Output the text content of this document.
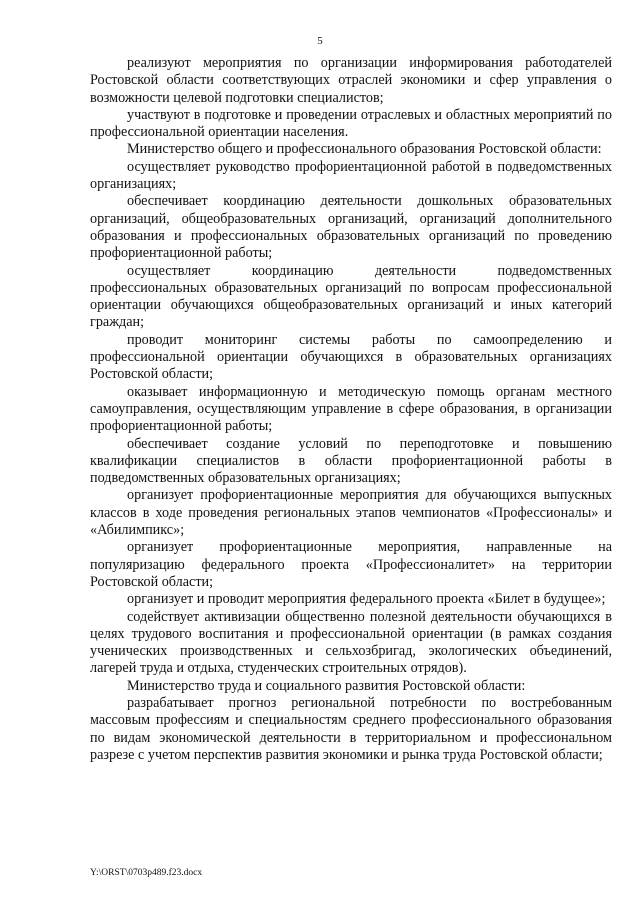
5

реализуют мероприятия по организации информирования работодателей Ростовской области соответствующих отраслей экономики и сфер управления о возможности целевой подготовки специалистов;

участвуют в подготовке и проведении отраслевых и областных мероприятий по профессиональной ориентации населения.

Министерство общего и профессионального образования Ростовской области:

осуществляет руководство профориентационной работой в подведомственных организациях;

обеспечивает координацию деятельности дошкольных образовательных организаций, общеобразовательных организаций, организаций дополнительного образования и профессиональных образовательных организаций по проведению профориентационной работы;

осуществляет координацию деятельности подведомственных профессиональных образовательных организаций по вопросам профессиональной ориентации обучающихся общеобразовательных организаций и иных категорий граждан;

проводит мониторинг системы работы по самоопределению и профессиональной ориентации обучающихся в образовательных организациях Ростовской области;

оказывает информационную и методическую помощь органам местного самоуправления, осуществляющим управление в сфере образования, в организации профориентационной работы;

обеспечивает создание условий по переподготовке и повышению квалификации специалистов в области профориентационной работы в подведомственных образовательных организациях;

организует профориентационные мероприятия для обучающихся выпускных классов в ходе проведения региональных этапов чемпионатов «Профессионалы» и «Абилимпикс»;

организует профориентационные мероприятия, направленные на популяризацию федерального проекта «Профессионалитет» на территории Ростовской области;

организует и проводит мероприятия федерального проекта «Билет в будущее»;

содействует активизации общественно полезной деятельности обучающихся в целях трудового воспитания и профессиональной ориентации (в рамках создания ученических производственных и сельхозбригад, экологических объединений, лагерей труда и отдыха, студенческих строительных отрядов).

Министерство труда и социального развития Ростовской области:

разрабатывает прогноз региональной потребности по востребованным массовым профессиям и специальностям среднего профессионального образования по видам экономической деятельности в территориальном и профессиональном разрезе с учетом перспектив развития экономики и рынка труда Ростовской области;

Y:\ORST\0703p489.f23.docx
